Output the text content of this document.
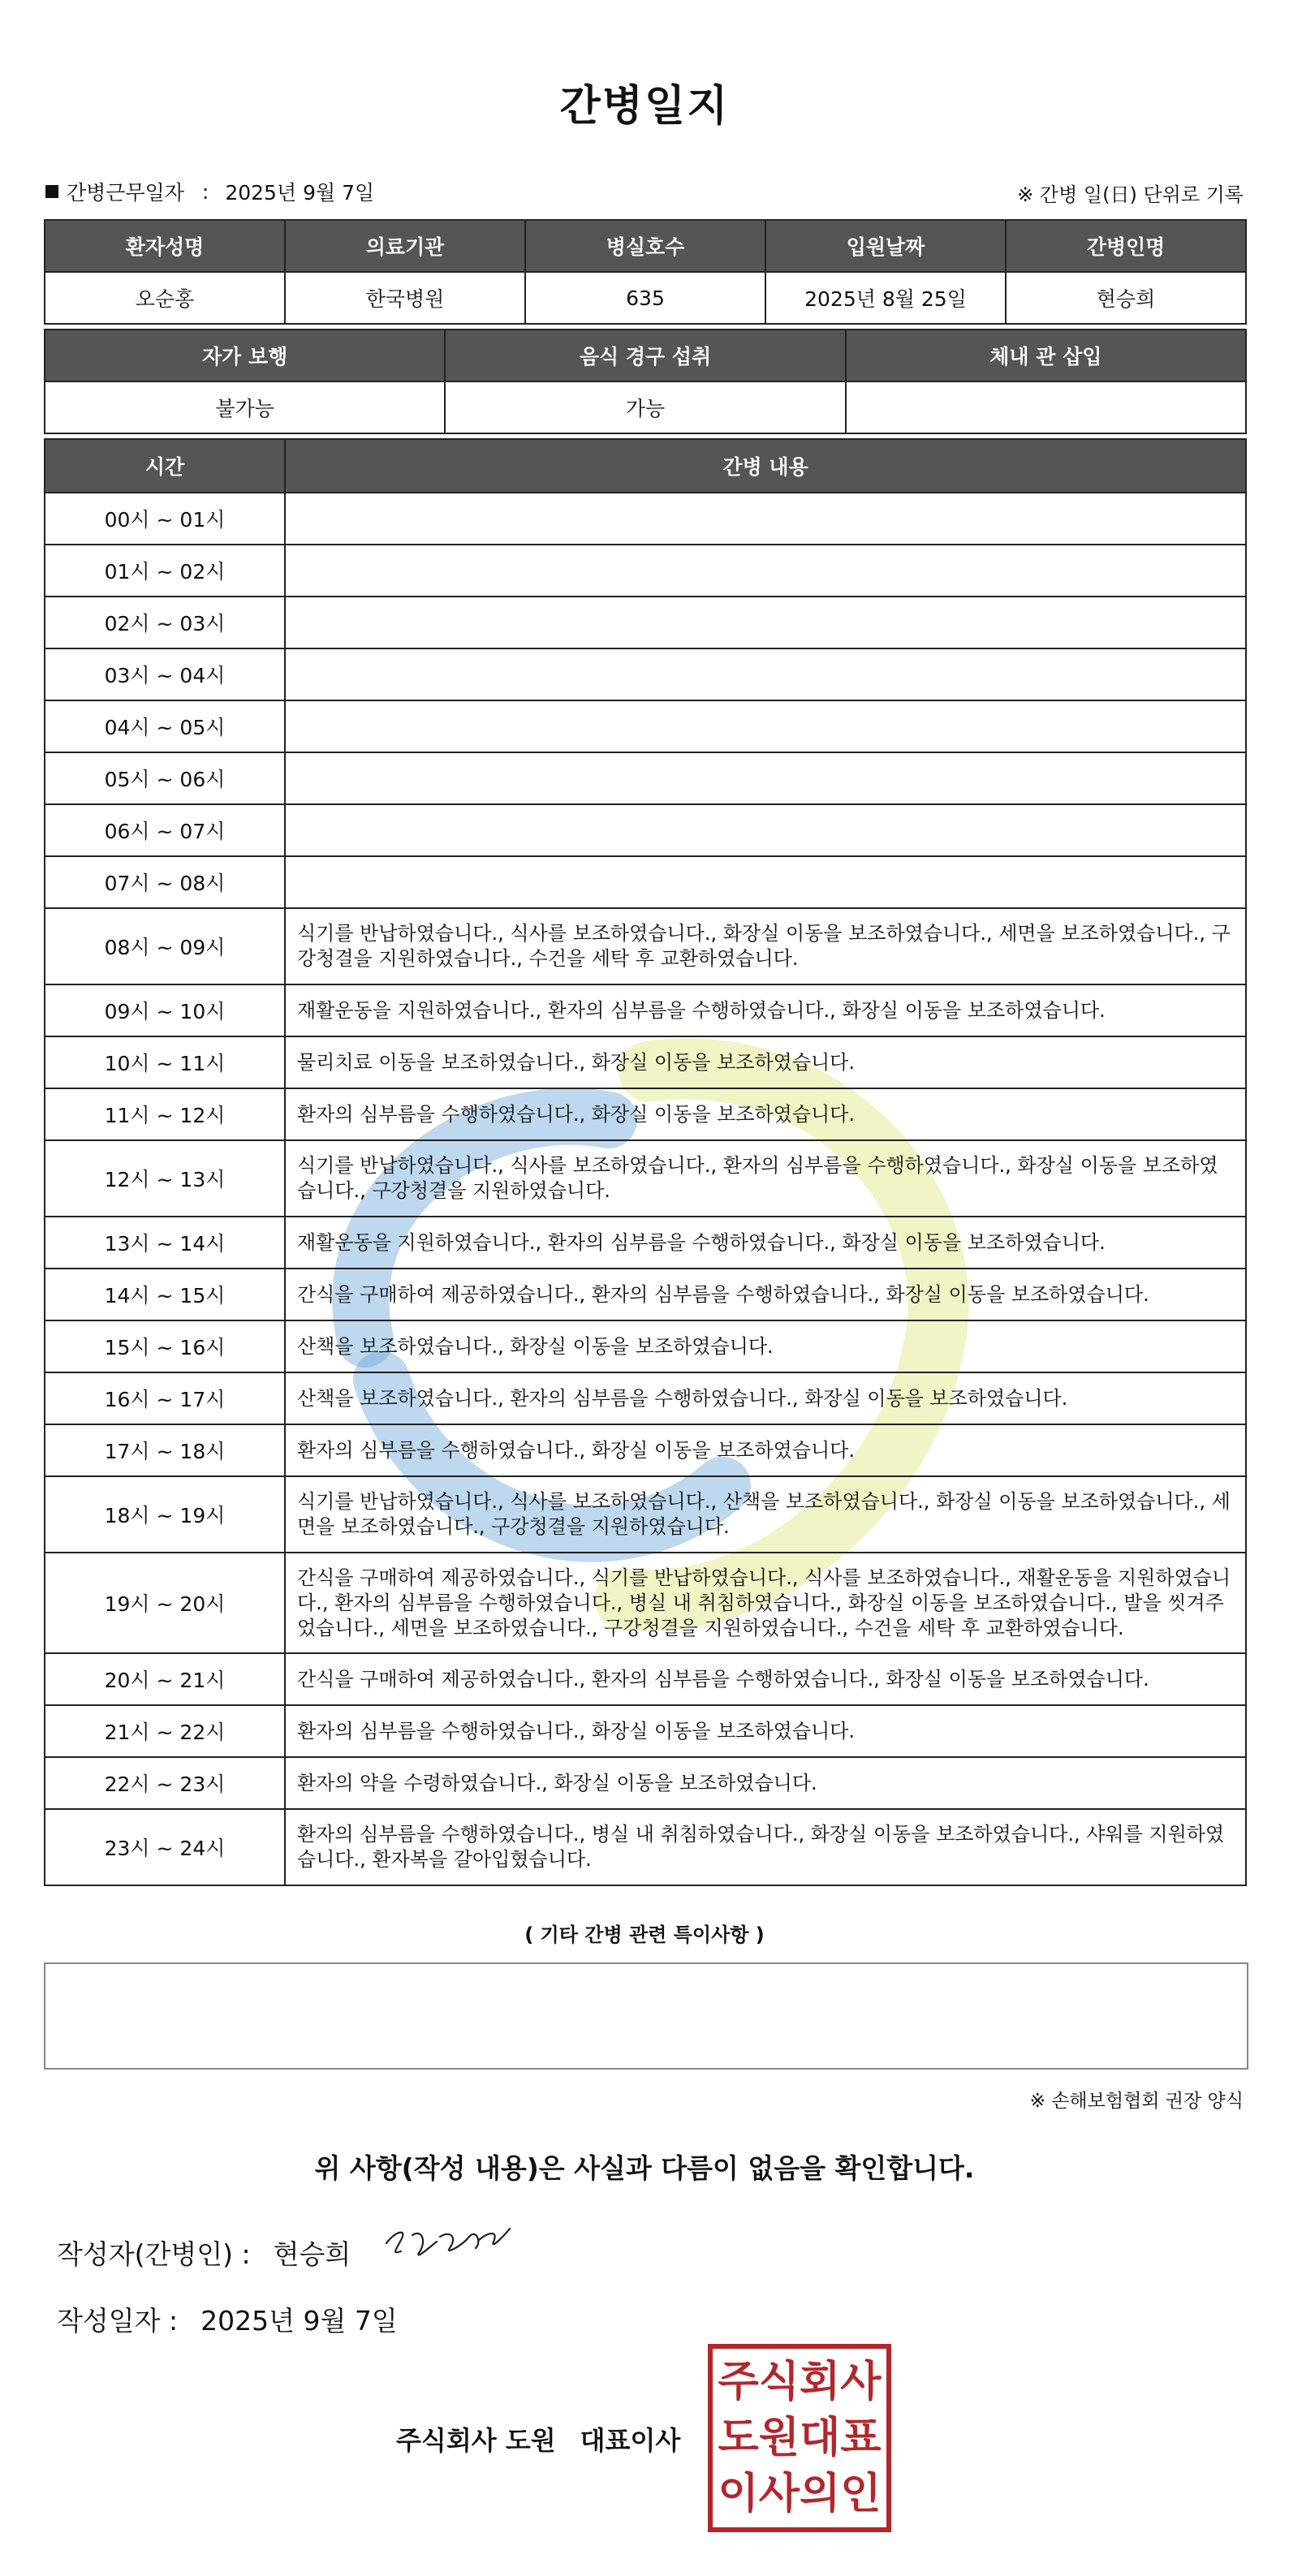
간병일지
간병근무일자 : 2025년 9월 7일	※ 간병 일(日) 단위로 기록
환자성명	의료기관	병실호수	입원날짜	간병인명
오순홍	한국병원	635	2025년 8월 25일	현승희
자가 보행	음식 경구 섭취	체내 관 삽입
불가능	가능	
시간	간병 내용
00시 ~ 01시	
01시 ~ 02시	
02시 ~ 03시	
03시 ~ 04시	
04시 ~ 05시	
05시 ~ 06시	
06시 ~ 07시	
07시 ~ 08시	
08시 ~ 09시	식기를 반납하였습니다., 식사를 보조하였습니다., 화장실 이동을 보조하였습니다., 세면을 보조하였습니다., 구강청결을 지원하였습니다., 수건을 세탁 후 교환하였습니다.
09시 ~ 10시	재활운동을 지원하였습니다., 환자의 심부름을 수행하였습니다., 화장실 이동을 보조하였습니다.
10시 ~ 11시	물리치료 이동을 보조하였습니다., 화장실 이동을 보조하였습니다.
11시 ~ 12시	환자의 심부름을 수행하였습니다., 화장실 이동을 보조하였습니다.
12시 ~ 13시	식기를 반납하였습니다., 식사를 보조하였습니다., 환자의 심부름을 수행하였습니다., 화장실 이동을 보조하였습니다., 구강청결을 지원하였습니다.
13시 ~ 14시	재활운동을 지원하였습니다., 환자의 심부름을 수행하였습니다., 화장실 이동을 보조하였습니다.
14시 ~ 15시	간식을 구매하여 제공하였습니다., 환자의 심부름을 수행하였습니다., 화장실 이동을 보조하였습니다.
15시 ~ 16시	산책을 보조하였습니다., 화장실 이동을 보조하였습니다.
16시 ~ 17시	산책을 보조하였습니다., 환자의 심부름을 수행하였습니다., 화장실 이동을 보조하였습니다.
17시 ~ 18시	환자의 심부름을 수행하였습니다., 화장실 이동을 보조하였습니다.
18시 ~ 19시	식기를 반납하였습니다., 식사를 보조하였습니다., 산책을 보조하였습니다., 화장실 이동을 보조하였습니다., 세면을 보조하였습니다., 구강청결을 지원하였습니다.
19시 ~ 20시	간식을 구매하여 제공하였습니다., 식기를 반납하였습니다., 식사를 보조하였습니다., 재활운동을 지원하였습니다., 환자의 심부름을 수행하였습니다., 병실 내 취침하였습니다., 화장실 이동을 보조하였습니다., 발을 씻겨주었습니다., 세면을 보조하였습니다., 구강청결을 지원하였습니다., 수건을 세탁 후 교환하였습니다.
20시 ~ 21시	간식을 구매하여 제공하였습니다., 환자의 심부름을 수행하였습니다., 화장실 이동을 보조하였습니다.
21시 ~ 22시	환자의 심부름을 수행하였습니다., 화장실 이동을 보조하였습니다.
22시 ~ 23시	환자의 약을 수령하였습니다., 화장실 이동을 보조하였습니다.
23시 ~ 24시	환자의 심부름을 수행하였습니다., 병실 내 취침하였습니다., 화장실 이동을 보조하였습니다., 샤워를 지원하였습니다., 환자복을 갈아입혔습니다.
( 기타 간병 관련 특이사항 )
※ 손해보험협회 권장 양식
위 사항(작성 내용)은 사실과 다름이 없음을 확인합니다.
작성자(간병인) : 현승희
작성일자 : 2025년 9월 7일
주식회사 도원 대표이사
주식회사
도원대표
이사의인
